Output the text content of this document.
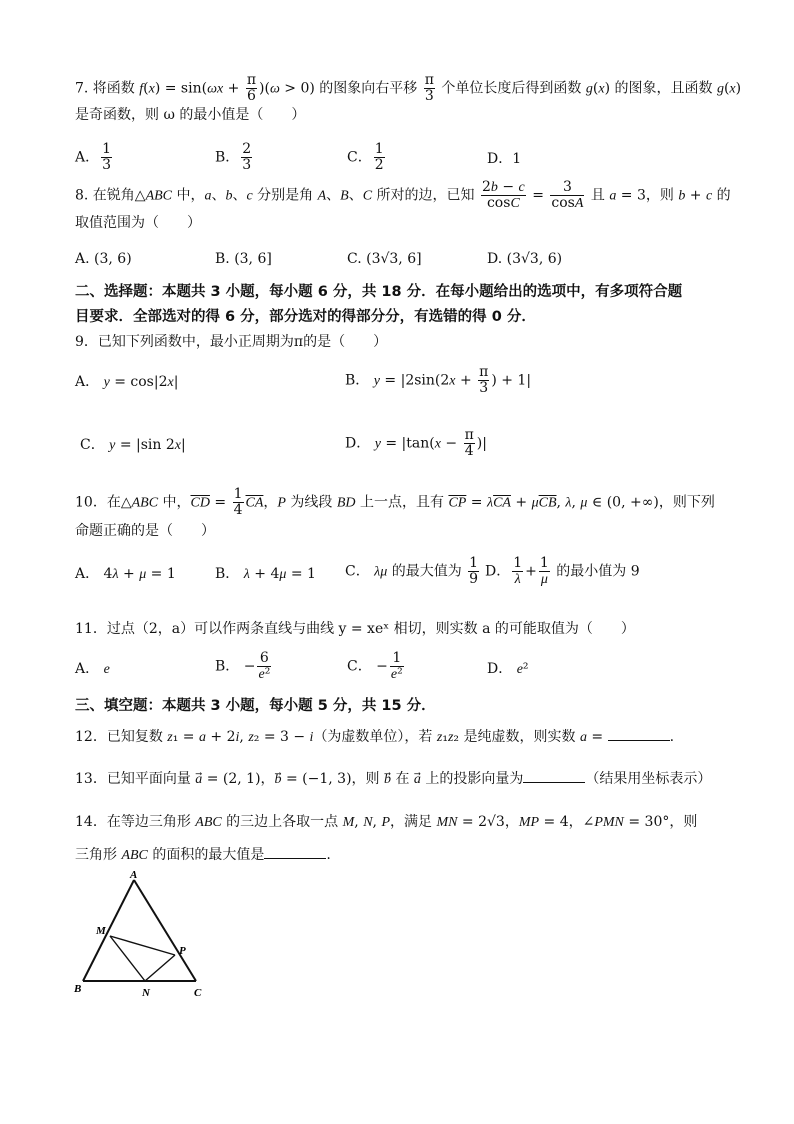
7. 将函数 $f(x) = \sin(\omega x + \frac{\pi}{6} )(\omega > 0)$ 的图象向右平移 $\frac{\pi}{3}$ 个单位长度后得到函数 g(x) 的图象，且函数 g(x)
是奇函数，则 ω 的最小值是（　　）
A． $\frac{1}{3}$	B． $\frac{2}{3}$	C． $\frac{1}{2}$	D．1
8. 在锐角△ABC 中，a、b、c 分别是角 A、B、C 所对的边，已知 $\frac{2b - c}{\cos C} = \frac{3}{\cos A}$ 且 a = 3，则 b + c 的
取值范围为（　　）
A. (3, 6)	B. (3, 6]	C. (3√3, 6]	D. (3√3, 6)
二、选择题：本题共 3 小题，每小题 6 分，共 18 分．在每小题给出的选项中，有多项符合题
目要求．全部选对的得 6 分，部分选对的得部分分，有选错的得 0 分．
9．已知下列函数中，最小正周期为π的是（　　）
A． y = cos|2x|	B． $y = |2\sin(2x + \frac{\pi}{3}$ ) + 1|
C． y = |sin 2x|	D． $y = |\tan(x - \frac{\pi}{4}$ )|
10．在△ABC 中，$\overline{CD} = \frac{1}{4} \overline{CA}$，P 为线段 BD 上一点，且有 $\overline{CP} = \lambda\overline{CA} + \mu\overline{CB}$, λ, μ ∈ (0, +∞)，则下列
命题正确的是（　　）
A． 4λ + μ = 1	B． λ + 4μ = 1 C． λμ 的最大值为 $\frac{1}{9}$ D． $\frac{1}{\lambda} + \frac{1}{\mu}$ 的最小值为 9
11．过点（2，a）可以作两条直线与曲线 y = xeˣ 相切，则实数 a 的可能取值为（　　）
A． e	B． − $\frac{6}{\text{e²}}$	C． − $\frac{1}{\text{e²}}$	D． e²
三、填空题：本题共 3 小题，每小题 5 分，共 15 分．
12．已知复数 z₁ = a + 2i, z₂ = 3 − i（为虚数单位），若 z₁z₂ 是纯虚数，则实数 a =	.
13．已知平面向量 a⃗ = (2, 1)，b⃗ = (−1, 3)，则 b⃗ 在 a⃗ 上的投影向量为	（结果用坐标表示）
14．在等边三角形 ABC 的三边上各取一点 M, N, P，满足 MN = 2√3，MP = 4，∠PMN = 30°，则
三角形 ABC 的面积的最大值是	.
A
B	C
M
N
P
